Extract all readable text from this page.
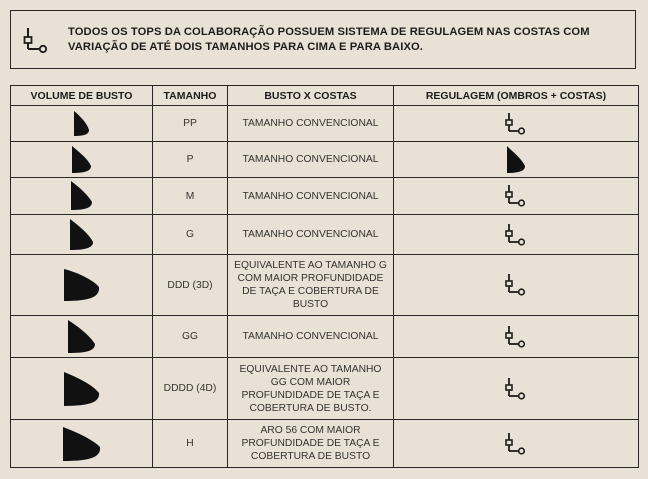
TODOS OS TOPS DA COLABORAÇÃO POSSUEM SISTEMA DE REGULAGEM NAS COSTAS COM
VARIAÇÃO DE ATÉ DOIS TAMANHOS PARA CIMA E PARA BAIXO.
VOLUME DE BUSTO	TAMANHO	BUSTO X COSTAS	REGULAGEM (OMBROS + COSTAS)

	PP	TAMANHO CONVENCIONAL

	P	TAMANHO CONVENCIONAL

	M	TAMANHO CONVENCIONAL

	G	TAMANHO CONVENCIONAL

	DDD (3D)	EQUIVALENTE AO TAMANHO G
COM MAIOR PROFUNDIDADE
DE TAÇA E COBERTURA DE
BUSTO

	GG	TAMANHO CONVENCIONAL

	DDDD (4D)	EQUIVALENTE AO TAMANHO
GG COM MAIOR
PROFUNDIDADE DE TAÇA E
COBERTURA DE BUSTO.

	H	ARO 56 COM MAIOR
PROFUNDIDADE DE TAÇA E
COBERTURA DE BUSTO
